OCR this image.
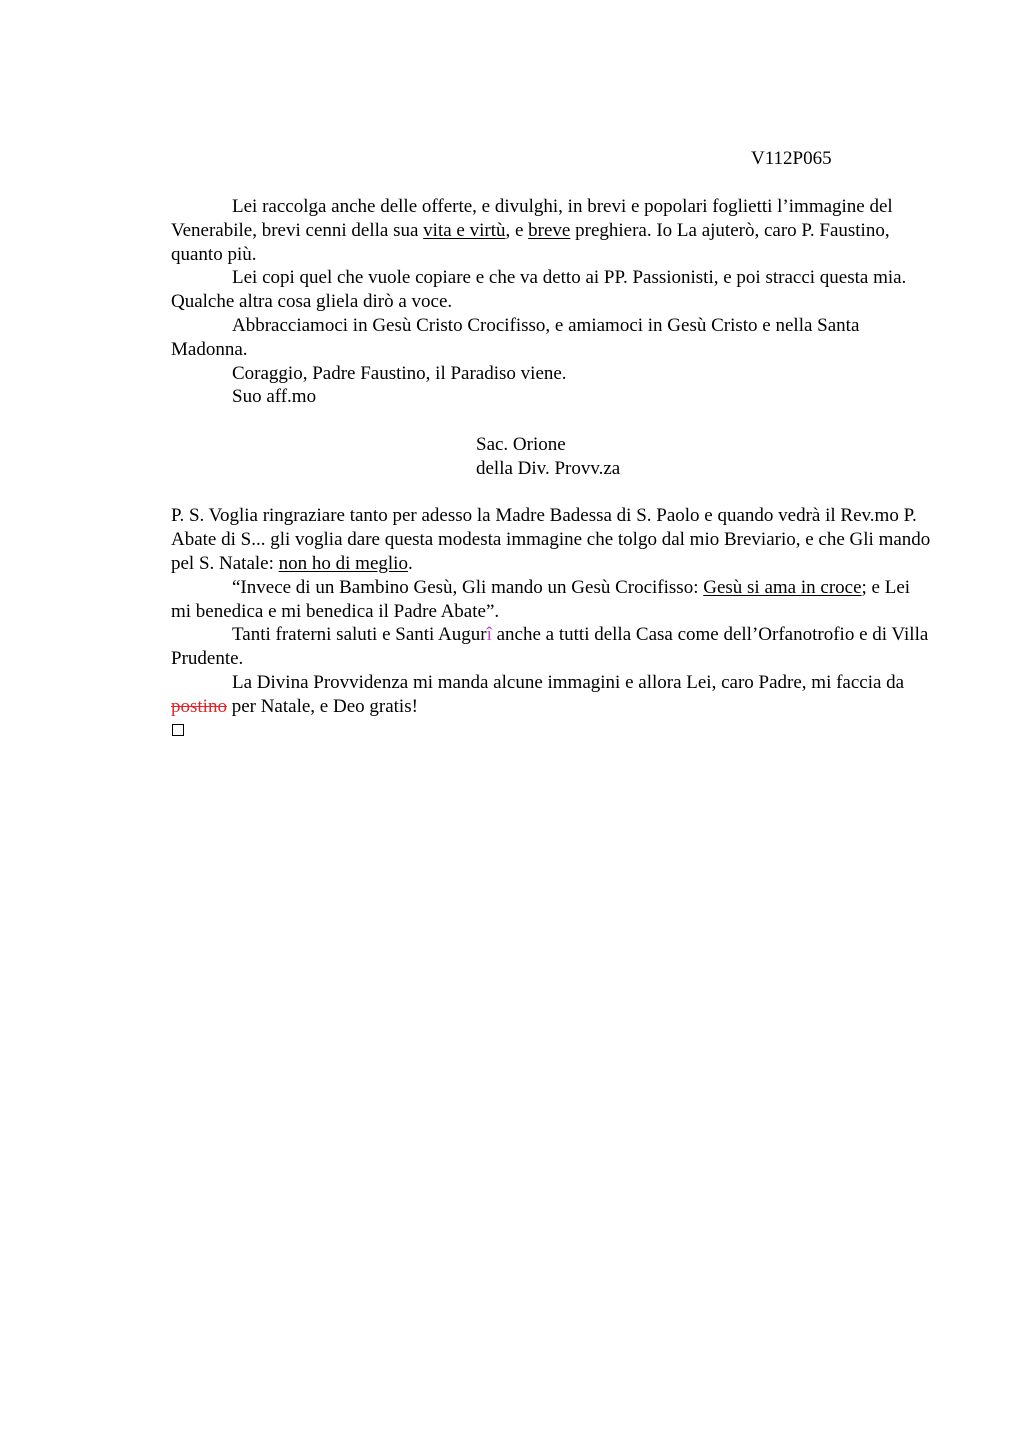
V112P065

Lei raccolga anche delle offerte, e divulghi, in brevi e popolari foglietti l’immagine del Venerabile, brevi cenni della sua vita e virtù, e breve preghiera. Io La ajuterò, caro P. Faustino, quanto più.

Lei copi quel che vuole copiare e che va detto ai PP. Passionisti, e poi stracci questa mia. Qualche altra cosa gliela dirò a voce.

Abbracciamoci in Gesù Cristo Crocifisso, e amiamoci in Gesù Cristo e nella Santa Madonna.

Coraggio, Padre Faustino, il Paradiso viene.

Suo aff.mo

Sac. Orione

della Div. Provv.za

P. S. Voglia ringraziare tanto per adesso la Madre Badessa di S. Paolo e quando vedrà il Rev.mo P. Abate di S... gli voglia dare questa modesta immagine che tolgo dal mio Breviario, e che Gli mando pel S. Natale: non ho di meglio.

“Invece di un Bambino Gesù, Gli mando un Gesù Crocifisso: Gesù si ama in croce; e Lei mi benedica e mi benedica il Padre Abate”.

Tanti fraterni saluti e Santi Augurî anche a tutti della Casa come dell’Orfanotrofio e di Villa Prudente.

La Divina Provvidenza mi manda alcune immagini e allora Lei, caro Padre, mi faccia da postino per Natale, e Deo gratis!
